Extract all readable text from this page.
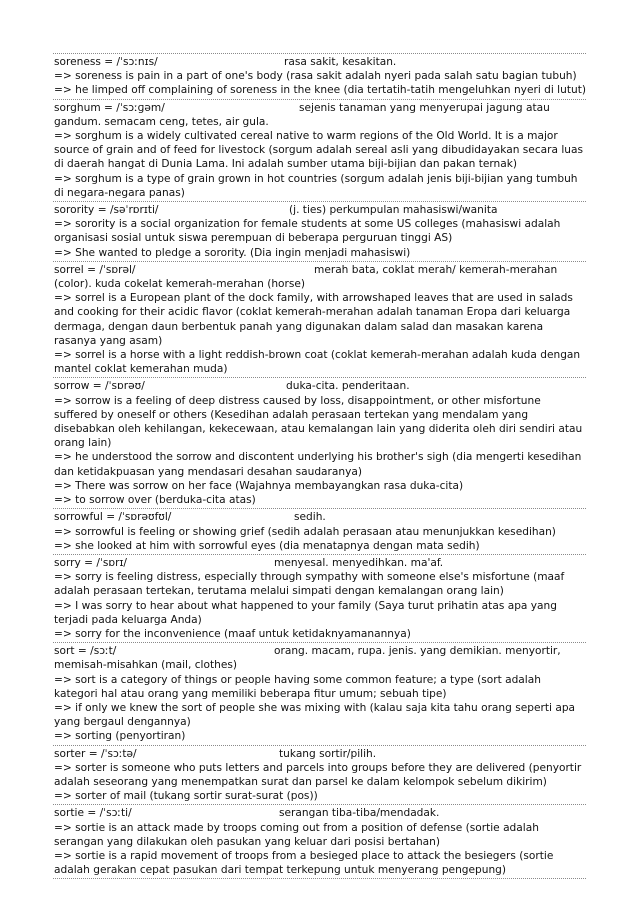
soreness = /ˈsɔːnɪs/	rasa sakit, kesakitan.
=> soreness is pain in a part of one's body (rasa sakit adalah nyeri pada salah satu bagian tubuh)
=> he limped off complaining of soreness in the knee (dia tertatih-tatih mengeluhkan nyeri di lutut)
sorghum = /ˈsɔːɡəm/	sejenis tanaman yang menyerupai jagung atau gandum. semacam ceng, tetes, air gula.
=> sorghum is a widely cultivated cereal native to warm regions of the Old World. It is a major source of grain and of feed for livestock (sorgum adalah sereal asli yang dibudidayakan secara luas di daerah hangat di Dunia Lama. Ini adalah sumber utama biji-bijian dan pakan ternak)
=> sorghum is a type of grain grown in hot countries (sorgum adalah jenis biji-bijian yang tumbuh di negara-negara panas)
sorority = /səˈrɒrɪti/	(j. ties) perkumpulan mahasiswi/wanita
=> sorority is a social organization for female students at some US colleges (mahasiswi adalah organisasi sosial untuk siswa perempuan di beberapa perguruan tinggi AS)
=> She wanted to pledge a sorority. (Dia ingin menjadi mahasiswi)
sorrel = /ˈsɒrəl/	merah bata, coklat merah/ kemerah-merahan (color). kuda cokelat kemerah-merahan (horse)
=> sorrel is a European plant of the dock family, with arrowshaped leaves that are used in salads and cooking for their acidic flavor (coklat kemerah-merahan adalah tanaman Eropa dari keluarga dermaga, dengan daun berbentuk panah yang digunakan dalam salad dan masakan karena rasanya yang asam)
=> sorrel is a horse with a light reddish-brown coat (coklat kemerah-merahan adalah kuda dengan mantel coklat kemerahan muda)
sorrow = /ˈsɒrəʊ/	duka-cita. penderitaan.
=> sorrow is a feeling of deep distress caused by loss, disappointment, or other misfortune suffered by oneself or others (Kesedihan adalah perasaan tertekan yang mendalam yang disebabkan oleh kehilangan, kekecewaan, atau kemalangan lain yang diderita oleh diri sendiri atau orang lain)
=> he understood the sorrow and discontent underlying his brother's sigh (dia mengerti kesedihan dan ketidakpuasan yang mendasari desahan saudaranya)
=> There was sorrow on her face (Wajahnya membayangkan rasa duka-cita)
=> to sorrow over (berduka-cita atas)
sorrowful = /ˈsɒrəʊfʊl/	sedih.
=> sorrowful is feeling or showing grief (sedih adalah perasaan atau menunjukkan kesedihan)
=> she looked at him with sorrowful eyes (dia menatapnya dengan mata sedih)
sorry = /ˈsɒrɪ/	menyesal. menyedihkan. ma'af.
=> sorry is feeling distress, especially through sympathy with someone else's misfortune (maaf adalah perasaan tertekan, terutama melalui simpati dengan kemalangan orang lain)
=> I was sorry to hear about what happened to your family (Saya turut prihatin atas apa yang terjadi pada keluarga Anda)
=> sorry for the inconvenience (maaf untuk ketidaknyamanannya)
sort = /sɔːt/	orang. macam, rupa. jenis. yang demikian. menyortir, memisah-misahkan (mail, clothes)
=> sort is a category of things or people having some common feature; a type (sort adalah kategori hal atau orang yang memiliki beberapa fitur umum; sebuah tipe)
=> if only we knew the sort of people she was mixing with (kalau saja kita tahu orang seperti apa yang bergaul dengannya)
=> sorting (penyortiran)
sorter = /ˈsɔːtə/	tukang sortir/pilih.
=> sorter is someone who puts letters and parcels into groups before they are delivered (penyortir adalah seseorang yang menempatkan surat dan parsel ke dalam kelompok sebelum dikirim)
=> sorter of mail (tukang sortir surat-surat (pos))
sortie = /ˈsɔːti/	serangan tiba-tiba/mendadak.
=> sortie is an attack made by troops coming out from a position of defense (sortie adalah serangan yang dilakukan oleh pasukan yang keluar dari posisi bertahan)
=> sortie is a rapid movement of troops from a besieged place to attack the besiegers (sortie adalah gerakan cepat pasukan dari tempat terkepung untuk menyerang pengepung)
